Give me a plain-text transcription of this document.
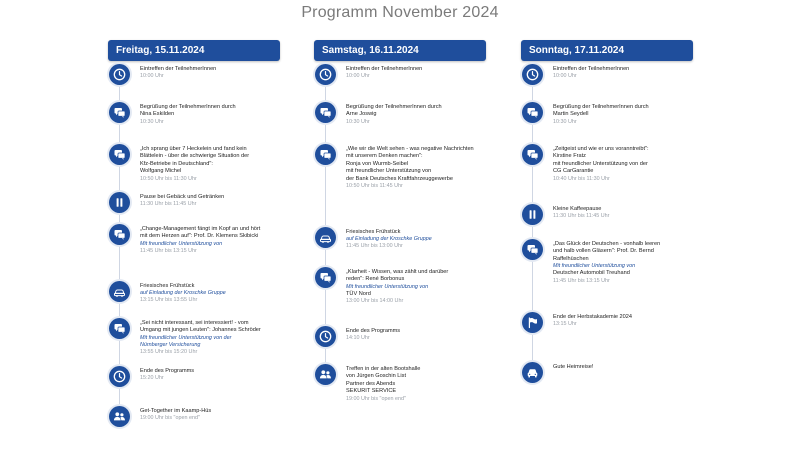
Programm November 2024
Freitag, 15.11.2024
Eintreffen der TeilnehmerInnen
10:00 Uhr
Begrüßung der TeilnehmerInnen durch
Nina Eskilden
10:30 Uhr
„Ich sprang über 7 Heckelein und fand kein
Blättelein - über die schwierige Situation der
Kfz-Betriebe in Deutschland":
Wolfgang Michel
10:50 Uhr bis 11:30 Uhr
Pause bei Gebäck und Getränken
11:30 Uhr bis 11:45 Uhr
„Change-Management fängt im Kopf an und hört
mit dem Herzen auf": Prof. Dr. Klemens Skibicki
Mit freundlicher Unterstützung von
11:45 Uhr bis 13:15 Uhr
Friesisches Frühstück
auf Einladung der Kroschke Gruppe
13:15 Uhr bis 13:55 Uhr
„Sei nicht interessant, sei interessiert! - vom
Umgang mit jungen Leuten": Johannes Schröder
Mit freundlicher Unterstützung von der
Nürnberger Versicherung
13:55 Uhr bis 15:20 Uhr
Ende des Programms
15:20 Uhr
Get-Together im Kaamp-Hüs
19:00 Uhr bis "open end"
Samstag, 16.11.2024
Eintreffen der TeilnehmerInnen
10:00 Uhr
Begrüßung der TeilnehmerInnen durch
Arne Joswig
10:30 Uhr
„Wie wir die Welt sehen - was negative Nachrichten
mit unserem Denken machen":
Ronja von Wurmb-Seibel
mit freundlicher Unterstützung von
der Bank Deutsches Kraftfahrzeuggewerbe
10:50 Uhr bis 11:45 Uhr
Friesisches Frühstück
auf Einladung der Kroschke Gruppe
11:45 Uhr bis 13:00 Uhr
„Klarheit - Wissen, was zählt und darüber
reden": René Borbonus
Mit freundlicher Unterstützung von
TÜV Nord
13:00 Uhr bis 14:00 Uhr
Ende des Programms
14:10 Uhr
Treffen in der alten Bootshalle
von Jürgen Goschin List
Partner des Abends
SEKURIT SERVICE
19:00 Uhr bis "open end"
Sonntag, 17.11.2024
Eintreffen der TeilnehmerInnen
10:00 Uhr
Begrüßung der TeilnehmerInnen durch
Martin Seydell
10:30 Uhr
„Zeitgeist und wie er uns voranntreibt":
Kirstine Fratz
mit freundlicher Unterstützung von der
CG CarGarantie
10:40 Uhr bis 11:30 Uhr
Kleine Kaffeepause
11:30 Uhr bis 11:45 Uhr
„Das Glück der Deutschen - vonhalb leeren
und halb vollen Gläsern": Prof. Dr. Bernd
Raffelhüschen
Mit freundlicher Unterstützung von
Deutscher Automobil Treuhand
11:45 Uhr bis 13:15 Uhr
Ende der Herbstakademie 2024
13:15 Uhr
Gute Heimreise!
